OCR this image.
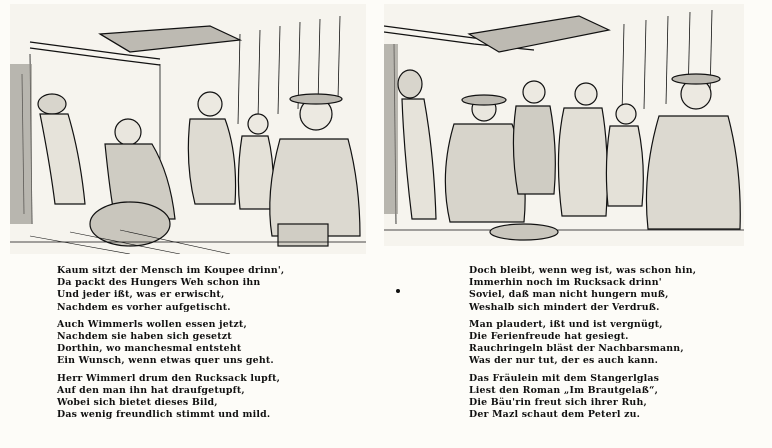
Kaum sitzt der Mensch im Koupee drinn',
Da packt des Hungers Weh schon ihn
Und jeder ißt, was er erwischt,
Nachdem es vorher aufgetischt.
Auch Wimmerls wollen essen jetzt,
Nachdem sie haben sich gesetzt
Dorthin, wo manchesmal entsteht
Ein Wunsch, wenn etwas quer uns geht.
Herr Wimmerl drum den Rucksack lupft,
Auf den man ihn hat draufgetupft,
Wobei sich bietet dieses Bild,
Das wenig freundlich stimmt und mild.
Doch bleibt, wenn weg ist, was schon hin,
Immerhin noch im Rucksack drinn'
Soviel, daß man nicht hungern muß,
Weshalb sich mindert der Verdruß.
Man plaudert, ißt und ist vergnügt,
Die Ferienfreude hat gesiegt.
Rauchringeln bläst der Nachbarsmann,
Was der nur tut, der es auch kann.
Das Fräulein mit dem Stangerlglas
Liest den Roman „Im Brautgelaß“,
Die Bäu'rin freut sich ihrer Ruh,
Der Mazl schaut dem Peterl zu.
